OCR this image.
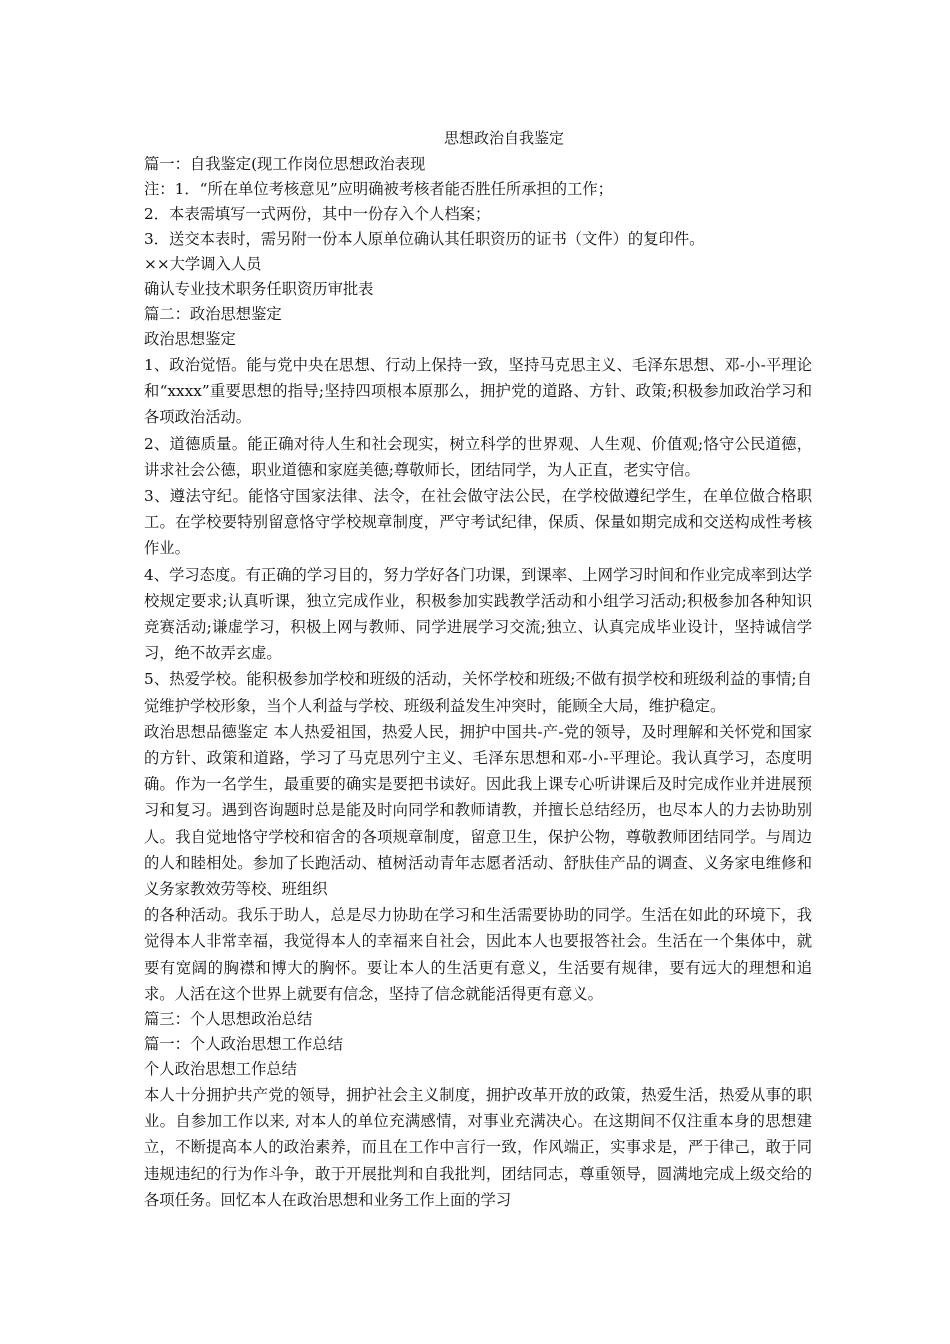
思想政治自我鉴定

篇一：自我鉴定(现工作岗位思想政治表现

注：1．“所在单位考核意见”应明确被考核者能否胜任所承担的工作；

2．本表需填写一式两份，其中一份存入个人档案；

3．送交本表时，需另附一份本人原单位确认其任职资历的证书（文件）的复印件。

××大学调入人员

确认专业技术职务任职资历审批表

篇二：政治思想鉴定

政治思想鉴定

1、政治觉悟。能与党中央在思想、行动上保持一致，坚持马克思主义、毛泽东思想、邓-小-平理论和“xxxx”重要思想的指导;坚持四项根本原那么，拥护党的道路、方针、政策;积极参加政治学习和各项政治活动。

2、道德质量。能正确对待人生和社会现实，树立科学的世界观、人生观、价值观;恪守公民道德，讲求社会公德，职业道德和家庭美德;尊敬师长，团结同学，为人正直，老实守信。

3、遵法守纪。能恪守国家法律、法令，在社会做守法公民，在学校做遵纪学生，在单位做合格职工。在学校要特别留意恪守学校规章制度，严守考试纪律，保质、保量如期完成和交送构成性考核作业。

4、学习态度。有正确的学习目的，努力学好各门功课，到课率、上网学习时间和作业完成率到达学校规定要求;认真听课，独立完成作业，积极参加实践教学活动和小组学习活动;积极参加各种知识竞赛活动;谦虚学习，积极上网与教师、同学进展学习交流;独立、认真完成毕业设计，坚持诚信学习，绝不故弄玄虚。

5、热爱学校。能积极参加学校和班级的活动，关怀学校和班级;不做有损学校和班级利益的事情;自觉维护学校形象，当个人利益与学校、班级利益发生冲突时，能顾全大局，维护稳定。

政治思想品德鉴定 本人热爱祖国，热爱人民，拥护中国共-产-党的领导，及时理解和关怀党和国家的方针、政策和道路，学习了马克思列宁主义、毛泽东思想和邓-小-平理论。我认真学习，态度明确。作为一名学生，最重要的确实是要把书读好。因此我上课专心听讲课后及时完成作业并进展预习和复习。遇到咨询题时总是能及时向同学和教师请教，并擅长总结经历，也尽本人的力去协助别人。我自觉地恪守学校和宿舍的各项规章制度，留意卫生，保护公物，尊敬教师团结同学。与周边的人和睦相处。参加了长跑活动、植树活动青年志愿者活动、舒肤佳产品的调查、义务家电维修和义务家教效劳等校、班组织

的各种活动。我乐于助人，总是尽力协助在学习和生活需要协助的同学。生活在如此的环境下，我觉得本人非常幸福，我觉得本人的幸福来自社会，因此本人也要报答社会。生活在一个集体中，就要有宽阔的胸襟和博大的胸怀。要让本人的生活更有意义，生活要有规律，要有远大的理想和追求。人活在这个世界上就要有信念，坚持了信念就能活得更有意义。

篇三：个人思想政治总结

篇一：个人政治思想工作总结

个人政治思想工作总结

本人十分拥护共产党的领导，拥护社会主义制度，拥护改革开放的政策，热爱生活，热爱从事的职业。自参加工作以来, 对本人的单位充满感情，对事业充满决心。在这期间不仅注重本身的思想建立，不断提高本人的政治素养，而且在工作中言行一致，作风端正，实事求是，严于律己，敢于同违规违纪的行为作斗争，敢于开展批判和自我批判，团结同志，尊重领导，圆满地完成上级交给的各项任务。回忆本人在政治思想和业务工作上面的学习
